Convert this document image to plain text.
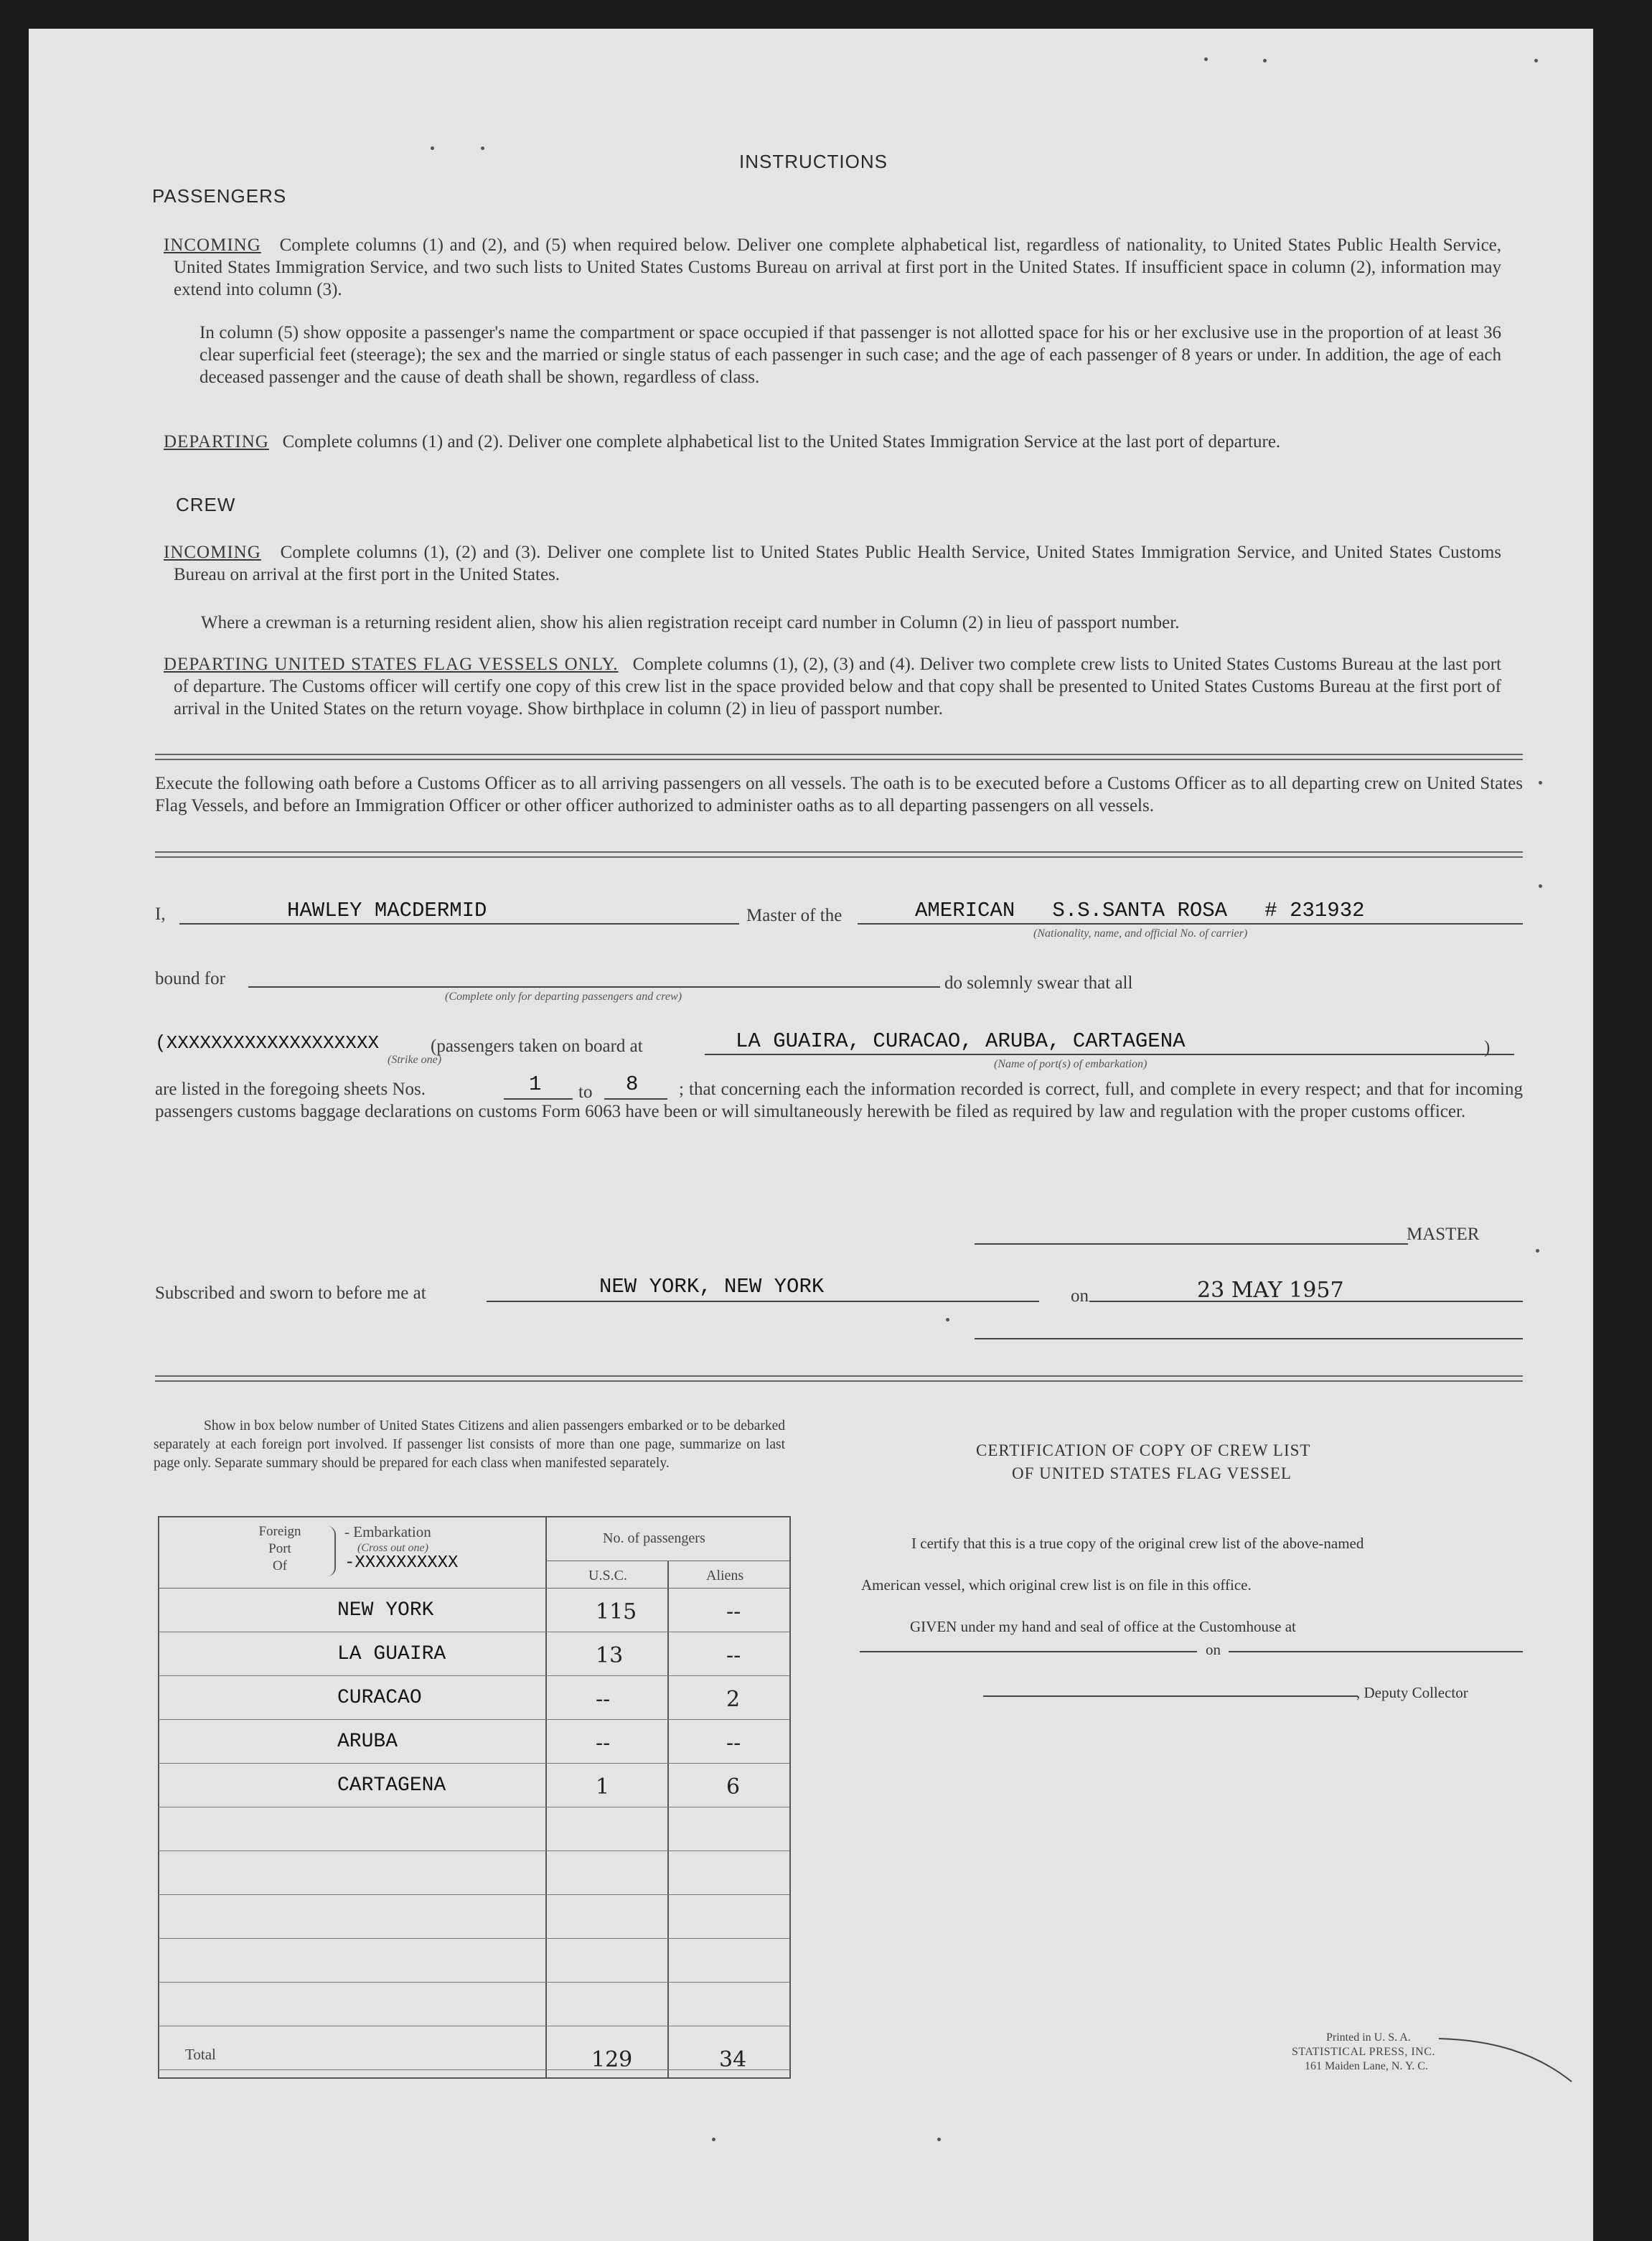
INSTRUCTIONS
PASSENGERS
INCOMING Complete columns (1) and (2), and (5) when required below. Deliver one complete alphabetical list, regardless of nationality, to United States Public Health Service, United States Immigration Service, and two such lists to United States Customs Bureau on arrival at first port in the United States. If insufficient space in column (2), information may extend into column (3).
In column (5) show opposite a passenger's name the compartment or space occupied if that passenger is not allotted space for his or her exclusive use in the proportion of at least 36 clear superficial feet (steerage); the sex and the married or single status of each passenger in such case; and the age of each passenger of 8 years or under. In addition, the age of each deceased passenger and the cause of death shall be shown, regardless of class.
DEPARTING Complete columns (1) and (2). Deliver one complete alphabetical list to the United States Immigration Service at the last port of departure.
CREW
INCOMING Complete columns (1), (2) and (3). Deliver one complete list to United States Public Health Service, United States Immigration Service, and United States Customs Bureau on arrival at the first port in the United States.
Where a crewman is a returning resident alien, show his alien registration receipt card number in Column (2) in lieu of passport number.
DEPARTING UNITED STATES FLAG VESSELS ONLY. Complete columns (1), (2), (3) and (4). Deliver two complete crew lists to United States Customs Bureau at the last port of departure. The Customs officer will certify one copy of this crew list in the space provided below and that copy shall be presented to United States Customs Bureau at the first port of arrival in the United States on the return voyage. Show birthplace in column (2) in lieu of passport number.
Execute the following oath before a Customs Officer as to all arriving passengers on all vessels. The oath is to be executed before a Customs Officer as to all departing crew on United States Flag Vessels, and before an Immigration Officer or other officer authorized to administer oaths as to all departing passengers on all vessels.
I,	HAWLEY MACDERMID	Master of the	AMERICAN   S.S.SANTA ROSA   # 231932
(Nationality, name, and official No. of carrier)
bound for
(Complete only for departing passengers and crew)
do solemnly swear that all
(XXXXXXXXXXXXXXXXXXX
(Strike one)
(passengers taken on board at	LA GUAIRA, CURACAO, ARUBA, CARTAGENA
(Name of port(s) of embarkation)
)
are listed in the foregoing sheets Nos.	1 to 8	; that concerning each the information recorded is correct, full, and complete in every respect; and that for incoming passengers customs baggage declarations on customs Form 6063 have been or will simultaneously herewith be filed as required by law and regulation with the proper customs officer.
MASTER
Subscribed and sworn to before me at	NEW YORK, NEW YORK	on	23 MAY 1957
Show in box below number of United States Citizens and alien passengers embarked or to be debarked separately at each foreign port involved. If passenger list consists of more than one page, summarize on last page only. Separate summary should be prepared for each class when manifested separately.
Foreign
Port
Of
- Embarkation
(Cross out one)
-XXXXXXXXXX
No. of passengers
U.S.C.	Aliens
Total	129	34
CERTIFICATION OF COPY OF CREW LIST
OF UNITED STATES FLAG VESSEL
I certify that this is a true copy of the original crew list of the above-named
American vessel, which original crew list is on file in this office.
GIVEN under my hand and seal of office at the Customhouse at
on
, Deputy Collector
Printed in U. S. A.
STATISTICAL PRESS, INC.
161 Maiden Lane, N. Y. C.
NEW YORK	115	--
LA GUAIRA	13	--
CURACAO	--	2
ARUBA	--	--
CARTAGENA	1	6
